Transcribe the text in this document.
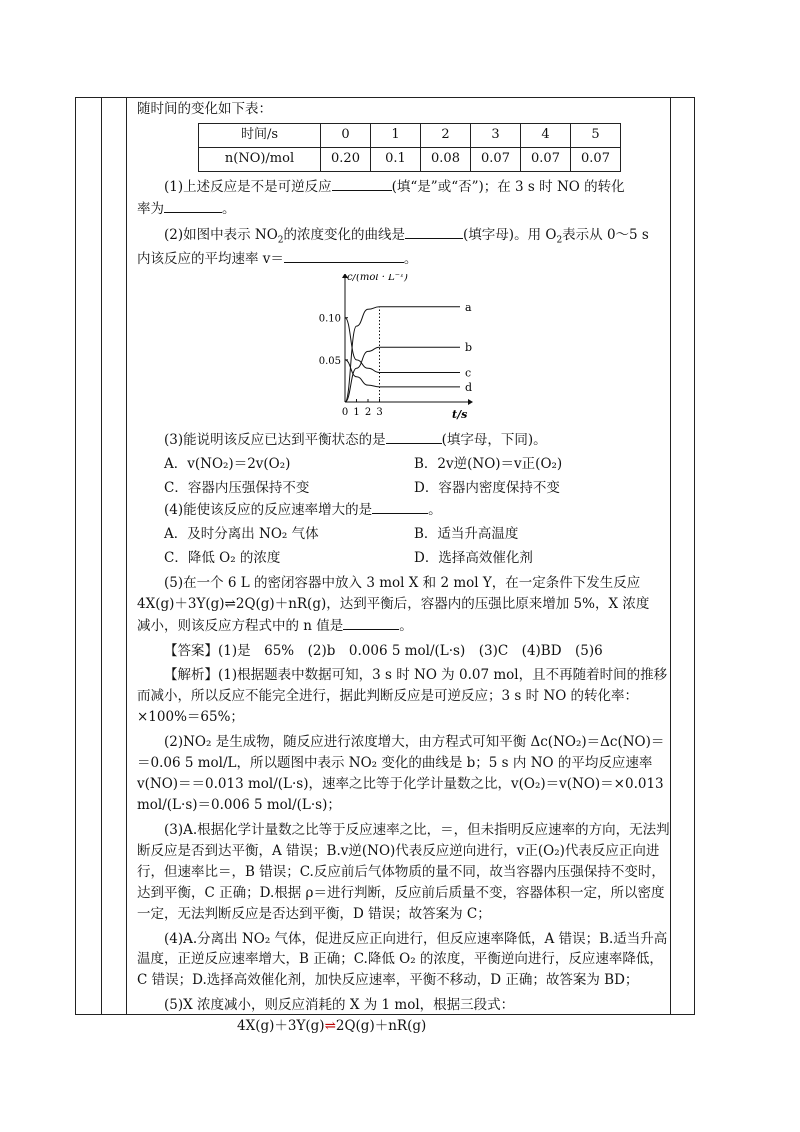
随时间的变化如下表：

时间/s	0	1	2	3	4	5
n(NO)/mol	0.20	0.1	0.08	0.07	0.07	0.07

(1)上述反应是不是可逆反应	(填“是”或“否”)；在 3 s 时 NO 的转化

率为	。

(2)如图中表示 $NO_2$的浓度变化的曲线是	(填字母)。用 $O_2$表示从 0～5 s

内该反应的平均速率 v＝	。

c/(mol · L⁻¹)
t/s
0.10
0.05
0 1 2 3
a
b
c
d

(3)能说明该反应已达到平衡状态的是	(填字母，下同)。

A．v(NO₂)＝2v(O₂)	B．2v逆(NO)＝v正(O₂)
C．容器内压强保持不变	D．容器内密度保持不变

(4)能使该反应的反应速率增大的是	。

A．及时分离出 NO₂ 气体	B．适当升高温度
C．降低 O₂ 的浓度	D．选择高效催化剂

(5)在一个 6 L 的密闭容器中放入 3 mol X 和 2 mol Y，在一定条件下发生反应

4X(g)＋3Y(g)⇌2Q(g)＋nR(g)，达到平衡后，容器内的压强比原来增加 5%，X 浓度

减小，则该反应方程式中的 n 值是	。

【答案】(1)是　65%　(2)b　0.006 5 mol/(L·s)　(3)C　(4)BD　(5)6

【解析】(1)根据题表中数据可知，3 s 时 NO 为 0.07 mol，且不再随着时间的推移而减小，所以反应不能完全进行，据此判断反应是可逆反应；3 s 时 NO 的转化率：×100%＝65%；

(2)NO₂ 是生成物，随反应进行浓度增大，由方程式可知平衡 Δc(NO₂)＝Δc(NO)＝＝0.06 5 mol/L，所以题图中表示 NO₂ 变化的曲线是 b；5 s 内 NO 的平均反应速率 v(NO)＝＝0.013 mol/(L·s)，速率之比等于化学计量数之比，v(O₂)＝v(NO)＝×0.013 mol/(L·s)＝0.006 5 mol/(L·s)；

(3)A.根据化学计量数之比等于反应速率之比，＝，但未指明反应速率的方向，无法判断反应是否到达平衡，A 错误；B.v逆(NO)代表反应逆向进行，v正(O₂)代表反应正向进行，但速率比＝，B 错误；C.反应前后气体物质的量不同，故当容器内压强保持不变时，达到平衡，C 正确；D.根据 ρ＝进行判断，反应前后质量不变，容器体积一定，所以密度一定，无法判断反应是否达到平衡，D 错误；故答案为 C；

(4)A.分离出 NO₂ 气体，促进反应正向进行，但反应速率降低，A 错误；B.适当升高温度，正逆反应速率增大，B 正确；C.降低 O₂ 的浓度，平衡逆向进行，反应速率降低，C 错误；D.选择高效催化剂，加快反应速率，平衡不移动，D 正确；故答案为 BD；

(5)X 浓度减小，则反应消耗的 X 为 1 mol，根据三段式：

4X(g)＋3Y(g)⇌2Q(g)＋nR(g)
